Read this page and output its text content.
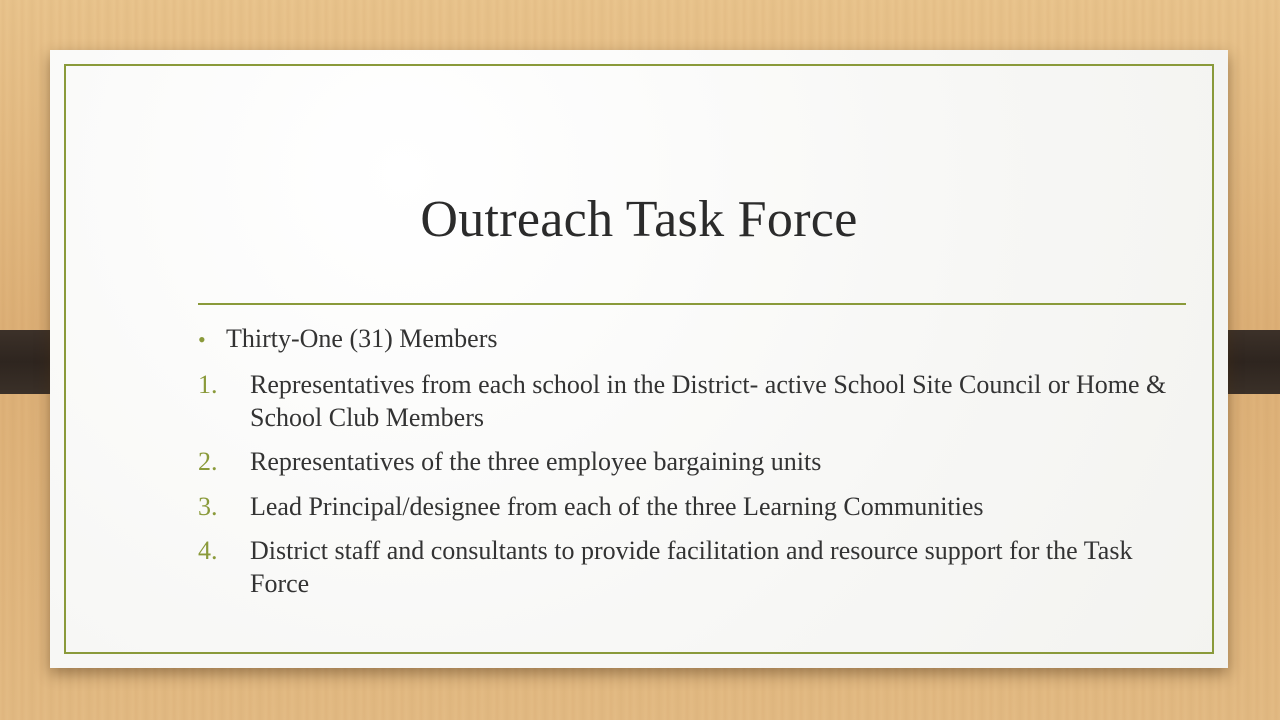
Outreach Task Force
• Thirty-One (31) Members
1.	Representatives from each school in the District- active School Site Council or Home & School Club Members
2.	Representatives of the three employee bargaining units
3.	Lead Principal/designee from each of the three Learning Communities
4.	District staff and consultants to provide facilitation and resource support for the Task Force
